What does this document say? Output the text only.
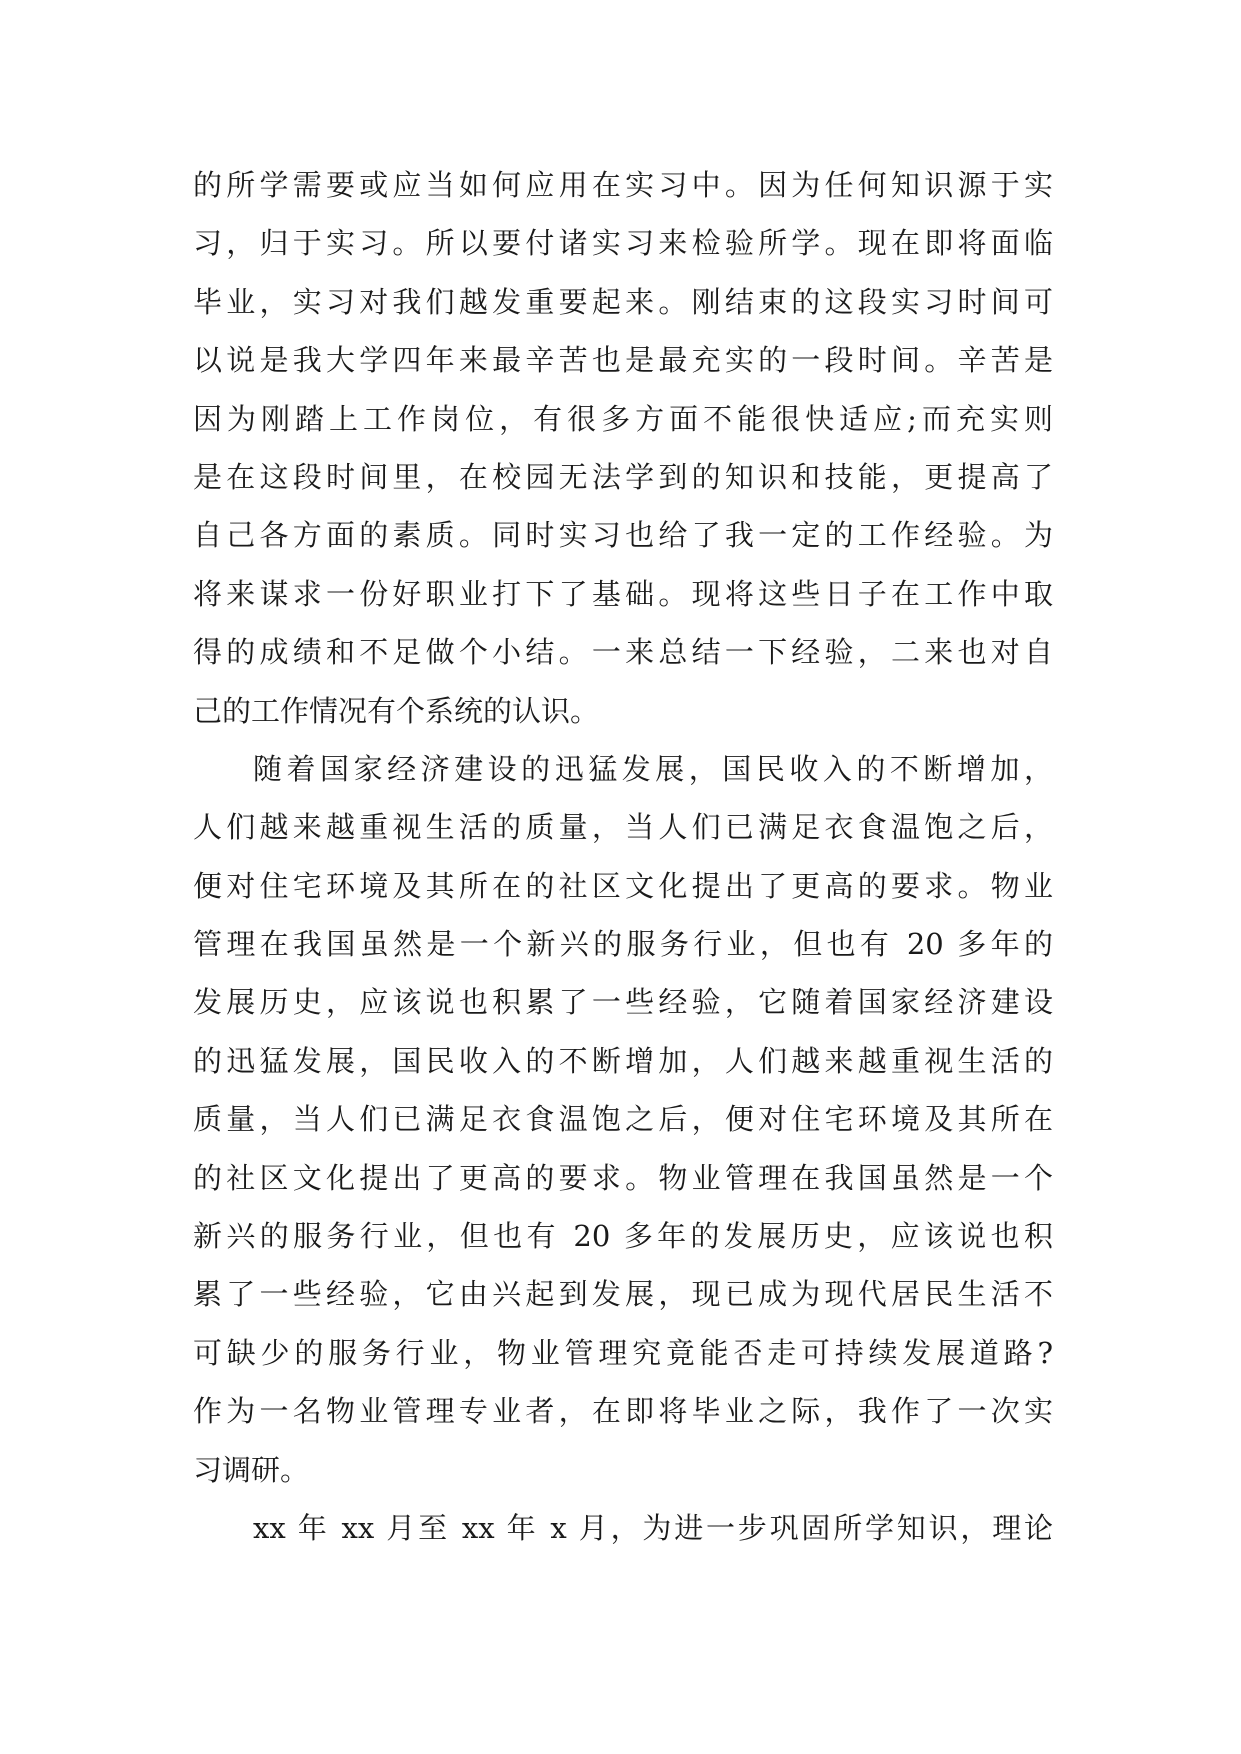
的所学需要或应当如何应用在实习中。因为任何知识源于实
习，归于实习。所以要付诸实习来检验所学。现在即将面临
毕业，实习对我们越发重要起来。刚结束的这段实习时间可
以说是我大学四年来最辛苦也是最充实的一段时间。辛苦是
因为刚踏上工作岗位，有很多方面不能很快适应;而充实则
是在这段时间里，在校园无法学到的知识和技能，更提高了
自己各方面的素质。同时实习也给了我一定的工作经验。为
将来谋求一份好职业打下了基础。现将这些日子在工作中取
得的成绩和不足做个小结。一来总结一下经验，二来也对自
己的工作情况有个系统的认识。
随着国家经济建设的迅猛发展，国民收入的不断增加，
人们越来越重视生活的质量，当人们已满足衣食温饱之后，
便对住宅环境及其所在的社区文化提出了更高的要求。物业
管理在我国虽然是一个新兴的服务行业，但也有 20 多年的
发展历史，应该说也积累了一些经验，它随着国家经济建设
的迅猛发展，国民收入的不断增加，人们越来越重视生活的
质量，当人们已满足衣食温饱之后，便对住宅环境及其所在
的社区文化提出了更高的要求。物业管理在我国虽然是一个
新兴的服务行业，但也有 20 多年的发展历史，应该说也积
累了一些经验，它由兴起到发展，现已成为现代居民生活不
可缺少的服务行业，物业管理究竟能否走可持续发展道路?
作为一名物业管理专业者，在即将毕业之际，我作了一次实
习调研。
xx 年 xx 月至 xx 年 x 月，为进一步巩固所学知识，理论
